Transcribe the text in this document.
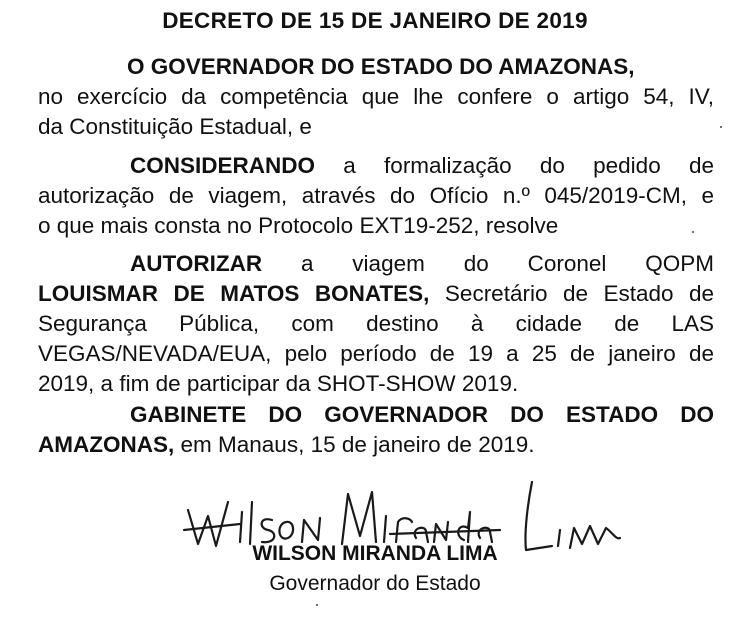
DECRETO DE 15 DE JANEIRO DE 2019
O GOVERNADOR DO ESTADO DO AMAZONAS,
no exercício da competência que lhe confere o artigo 54, IV,
da Constituição Estadual, e
CONSIDERANDO a formalização do pedido de
autorização de viagem, através do Ofício n.º 045/2019-CM, e
o que mais consta no Protocolo EXT19-252, resolve
AUTORIZAR a viagem do Coronel QOPM
LOUISMAR DE MATOS BONATES, Secretário de Estado de
Segurança Pública, com destino à cidade de LAS
VEGAS/NEVADA/EUA, pelo período de 19 a 25 de janeiro de
2019, a fim de participar da SHOT-SHOW 2019.
GABINETE DO GOVERNADOR DO ESTADO DO
AMAZONAS, em Manaus, 15 de janeiro de 2019.
WILSON MIRANDA LIMA
Governador do Estado
